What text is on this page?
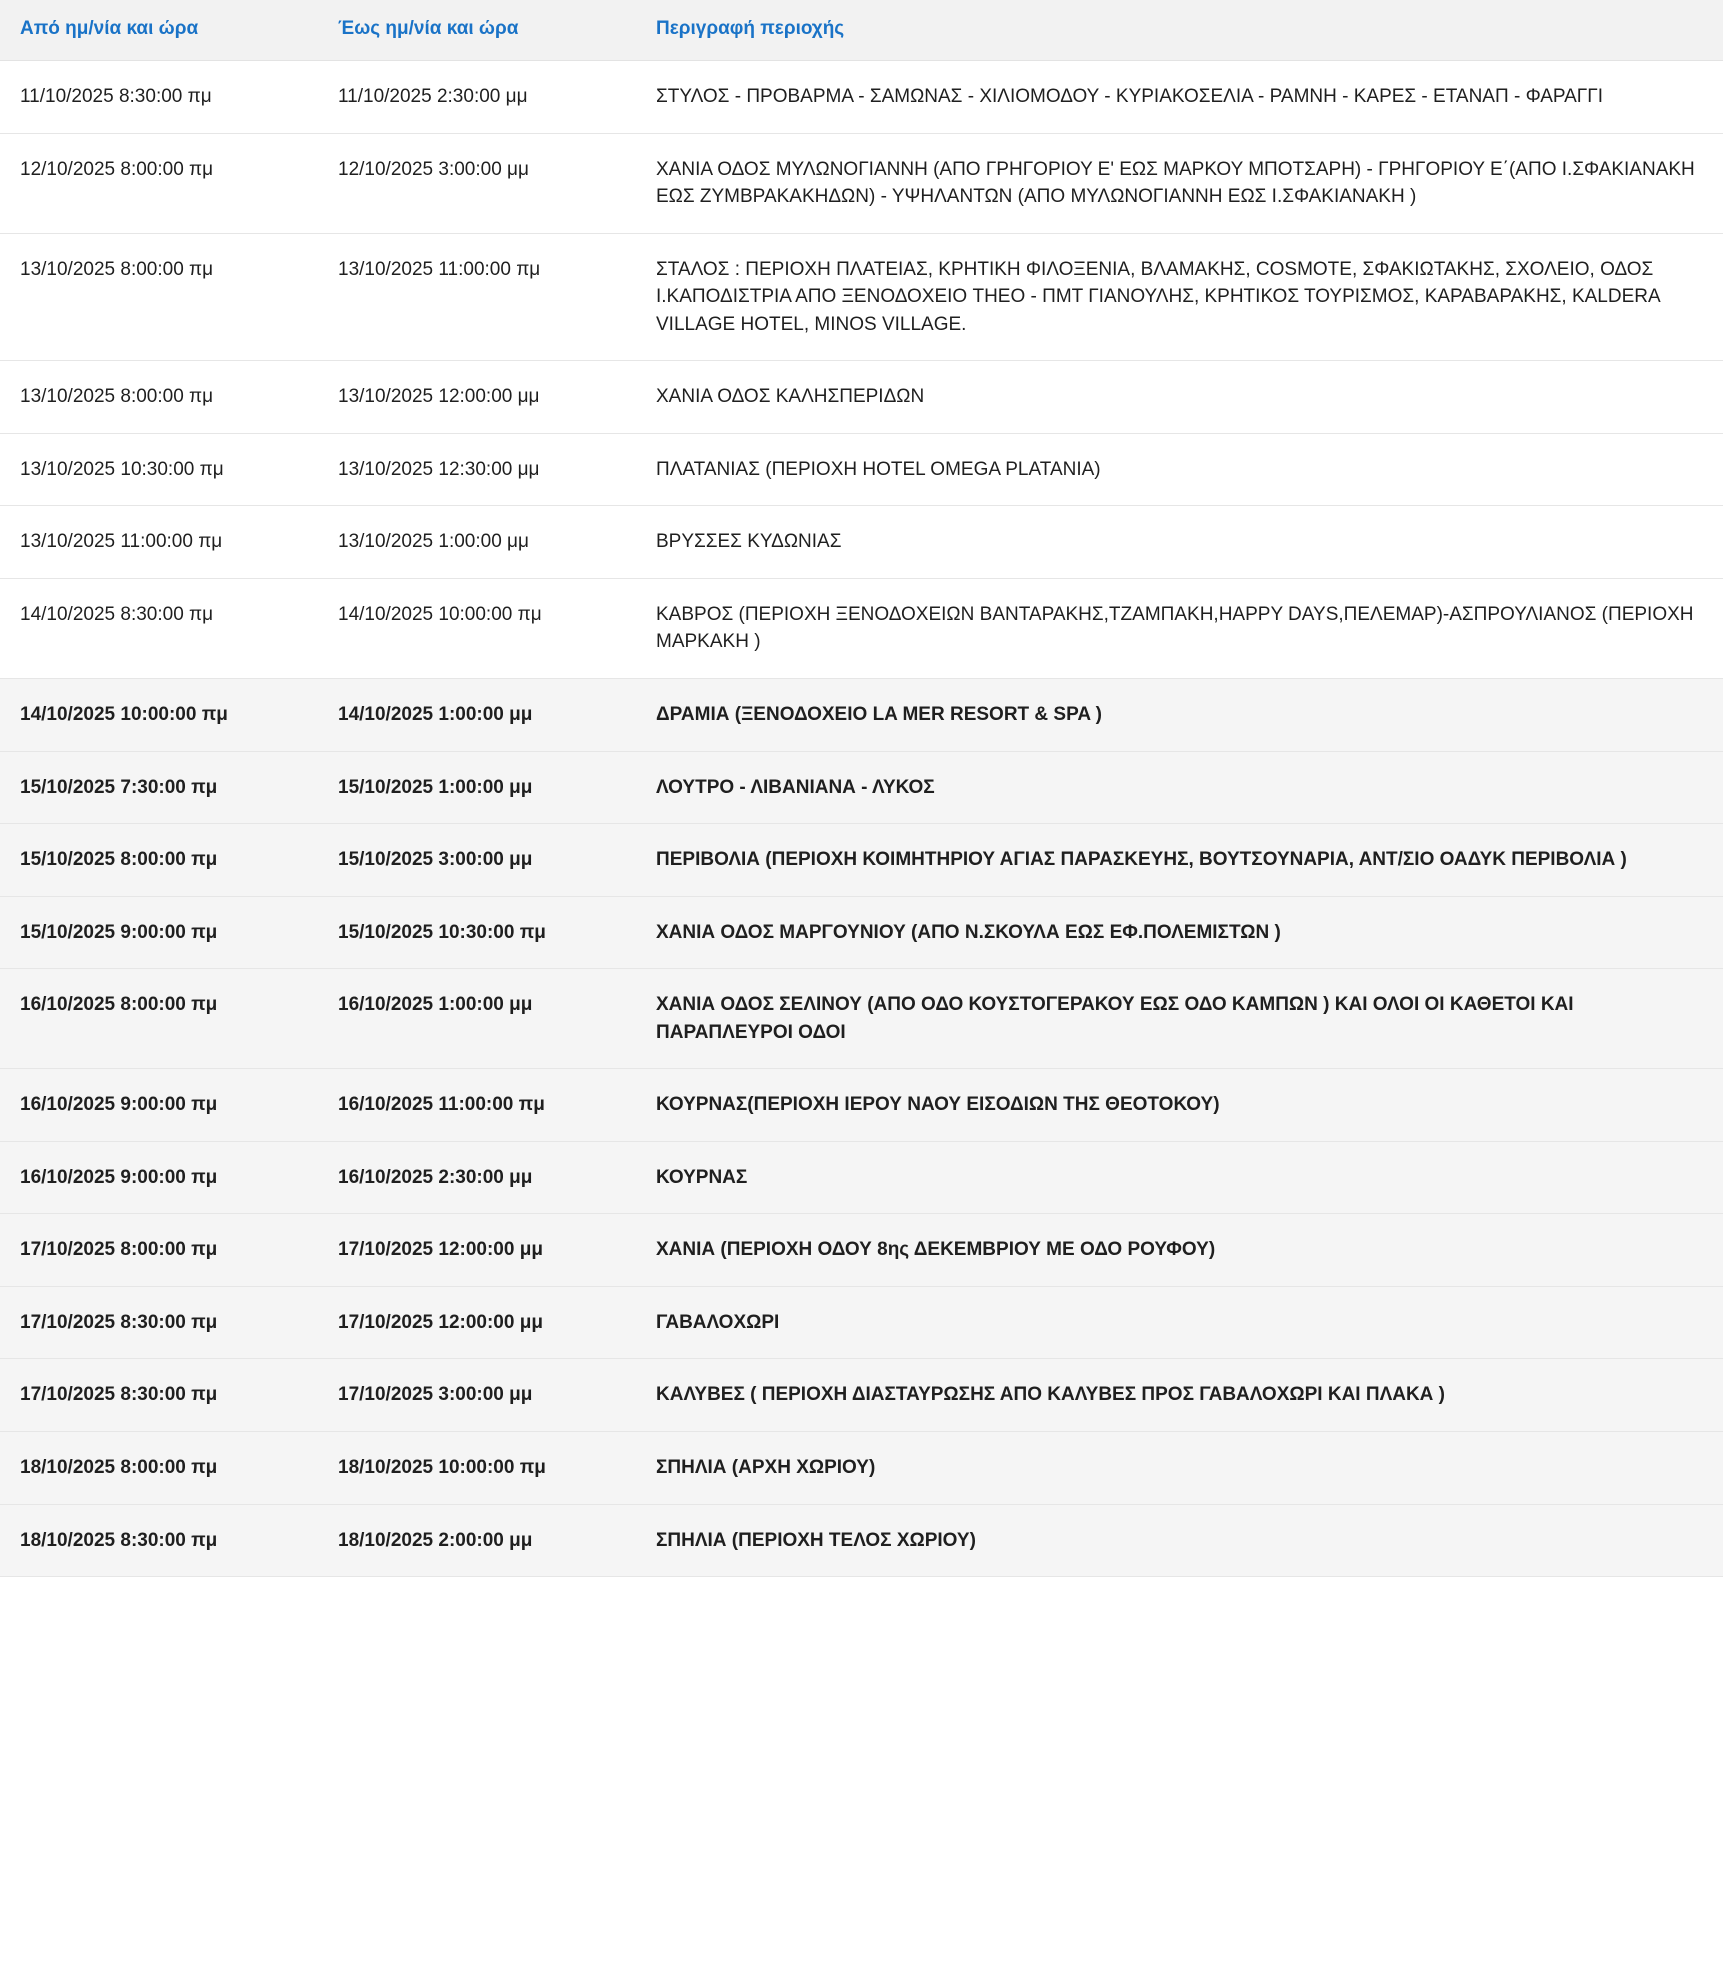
Από ημ/νία και ώρα	Έως ημ/νία και ώρα	Περιγραφή περιοχής
11/10/2025 8:30:00 πμ	11/10/2025 2:30:00 μμ	ΣΤΥΛΟΣ - ΠΡΟΒΑΡΜΑ - ΣΑΜΩΝΑΣ - ΧΙΛΙΟΜΟΔΟΥ - ΚΥΡΙΑΚΟΣΕΛΙΑ - ΡΑΜΝΗ - ΚΑΡΕΣ - ΕΤΑΝΑΠ - ΦΑΡΑΓΓΙ
12/10/2025 8:00:00 πμ	12/10/2025 3:00:00 μμ	ΧΑΝΙΑ ΟΔΟΣ ΜΥΛΩΝΟΓΙΑΝΝΗ (ΑΠΟ ΓΡΗΓΟΡΙΟΥ Ε' ΕΩΣ ΜΑΡΚΟΥ ΜΠΟΤΣΑΡΗ) - ΓΡΗΓΟΡΙΟΥ Ε΄(ΑΠΟ Ι.ΣΦΑΚΙΑΝΑΚΗ ΕΩΣ ΖΥΜΒΡΑΚΑΚΗΔΩΝ) - ΥΨΗΛΑΝΤΩΝ (ΑΠΟ ΜΥΛΩΝΟΓΙΑΝΝΗ ΕΩΣ Ι.ΣΦΑΚΙΑΝΑΚΗ )
13/10/2025 8:00:00 πμ	13/10/2025 11:00:00 πμ	ΣΤΑΛΟΣ : ΠΕΡΙΟΧΗ ΠΛΑΤΕΙΑΣ, ΚΡΗΤΙΚΗ ΦΙΛΟΞΕΝΙΑ, ΒΛΑΜΑΚΗΣ, COSMOTE, ΣΦΑΚΙΩΤΑΚΗΣ, ΣΧΟΛΕΙΟ, ΟΔΟΣ Ι.ΚΑΠΟΔΙΣΤΡΙΑ ΑΠΟ ΞΕΝΟΔΟΧΕΙΟ THEO - ΠΜΤ ΓΙΑΝΟΥΛΗΣ, ΚΡΗΤΙΚΟΣ ΤΟΥΡΙΣΜΟΣ, ΚΑΡΑΒΑΡΑΚΗΣ, KALDERA VILLAGE HOTEL, MINOS VILLAGE.
13/10/2025 8:00:00 πμ	13/10/2025 12:00:00 μμ	ΧΑΝΙΑ ΟΔΟΣ ΚΑΛΗΣΠΕΡΙΔΩΝ
13/10/2025 10:30:00 πμ	13/10/2025 12:30:00 μμ	ΠΛΑΤΑΝΙΑΣ (ΠΕΡΙΟΧΗ HOTEL OMEGA PLATANIA)
13/10/2025 11:00:00 πμ	13/10/2025 1:00:00 μμ	ΒΡΥΣΣΕΣ ΚΥΔΩΝΙΑΣ
14/10/2025 8:30:00 πμ	14/10/2025 10:00:00 πμ	ΚΑΒΡΟΣ (ΠΕΡΙΟΧΗ ΞΕΝΟΔΟΧΕΙΩΝ ΒΑΝΤΑΡΑΚΗΣ,ΤΖΑΜΠΑΚΗ,HAPPY DAYS,ΠΕΛΕΜΑΡ)-ΑΣΠΡΟΥΛΙΑΝΟΣ (ΠΕΡΙΟΧΗ ΜΑΡΚΑΚΗ )
14/10/2025 10:00:00 πμ	14/10/2025 1:00:00 μμ	ΔΡΑΜΙΑ (ΞΕΝΟΔΟΧΕΙΟ LA MER RESORT & SPA )
15/10/2025 7:30:00 πμ	15/10/2025 1:00:00 μμ	ΛΟΥΤΡΟ - ΛΙΒΑΝΙΑΝΑ - ΛΥΚΟΣ
15/10/2025 8:00:00 πμ	15/10/2025 3:00:00 μμ	ΠΕΡΙΒΟΛΙΑ (ΠΕΡΙΟΧΗ ΚΟΙΜΗΤΗΡΙΟΥ ΑΓΙΑΣ ΠΑΡΑΣΚΕΥΗΣ, ΒΟΥΤΣΟΥΝΑΡΙΑ, ΑΝΤ/ΣΙΟ ΟΑΔΥΚ ΠΕΡΙΒΟΛΙΑ )
15/10/2025 9:00:00 πμ	15/10/2025 10:30:00 πμ	ΧΑΝΙΑ ΟΔΟΣ ΜΑΡΓΟΥΝΙΟΥ (ΑΠΟ Ν.ΣΚΟΥΛΑ ΕΩΣ ΕΦ.ΠΟΛΕΜΙΣΤΩΝ )
16/10/2025 8:00:00 πμ	16/10/2025 1:00:00 μμ	ΧΑΝΙΑ ΟΔΟΣ ΣΕΛΙΝΟΥ (ΑΠΟ ΟΔΟ ΚΟΥΣΤΟΓΕΡΑΚΟΥ ΕΩΣ ΟΔΟ ΚΑΜΠΩΝ ) ΚΑΙ ΟΛΟΙ ΟΙ ΚΑΘΕΤΟΙ ΚΑΙ ΠΑΡΑΠΛΕΥΡΟΙ ΟΔΟΙ
16/10/2025 9:00:00 πμ	16/10/2025 11:00:00 πμ	ΚΟΥΡΝΑΣ(ΠΕΡΙΟΧΗ ΙΕΡΟΥ ΝΑΟΥ ΕΙΣΟΔΙΩΝ ΤΗΣ ΘΕΟΤΟΚΟΥ)
16/10/2025 9:00:00 πμ	16/10/2025 2:30:00 μμ	ΚΟΥΡΝΑΣ
17/10/2025 8:00:00 πμ	17/10/2025 12:00:00 μμ	ΧΑΝΙΑ (ΠΕΡΙΟΧΗ ΟΔΟΥ 8ης ΔΕΚΕΜΒΡΙΟΥ ΜΕ ΟΔΟ ΡΟΥΦΟΥ)
17/10/2025 8:30:00 πμ	17/10/2025 12:00:00 μμ	ΓΑΒΑΛΟΧΩΡΙ
17/10/2025 8:30:00 πμ	17/10/2025 3:00:00 μμ	ΚΑΛΥΒΕΣ ( ΠΕΡΙΟΧΗ ΔΙΑΣΤΑΥΡΩΣΗΣ ΑΠΟ ΚΑΛΥΒΕΣ ΠΡΟΣ ΓΑΒΑΛΟΧΩΡΙ ΚΑΙ ΠΛΑΚΑ )
18/10/2025 8:00:00 πμ	18/10/2025 10:00:00 πμ	ΣΠΗΛΙΑ (ΑΡΧΗ ΧΩΡΙΟΥ)
18/10/2025 8:30:00 πμ	18/10/2025 2:00:00 μμ	ΣΠΗΛΙΑ (ΠΕΡΙΟΧΗ ΤΕΛΟΣ ΧΩΡΙΟΥ)
